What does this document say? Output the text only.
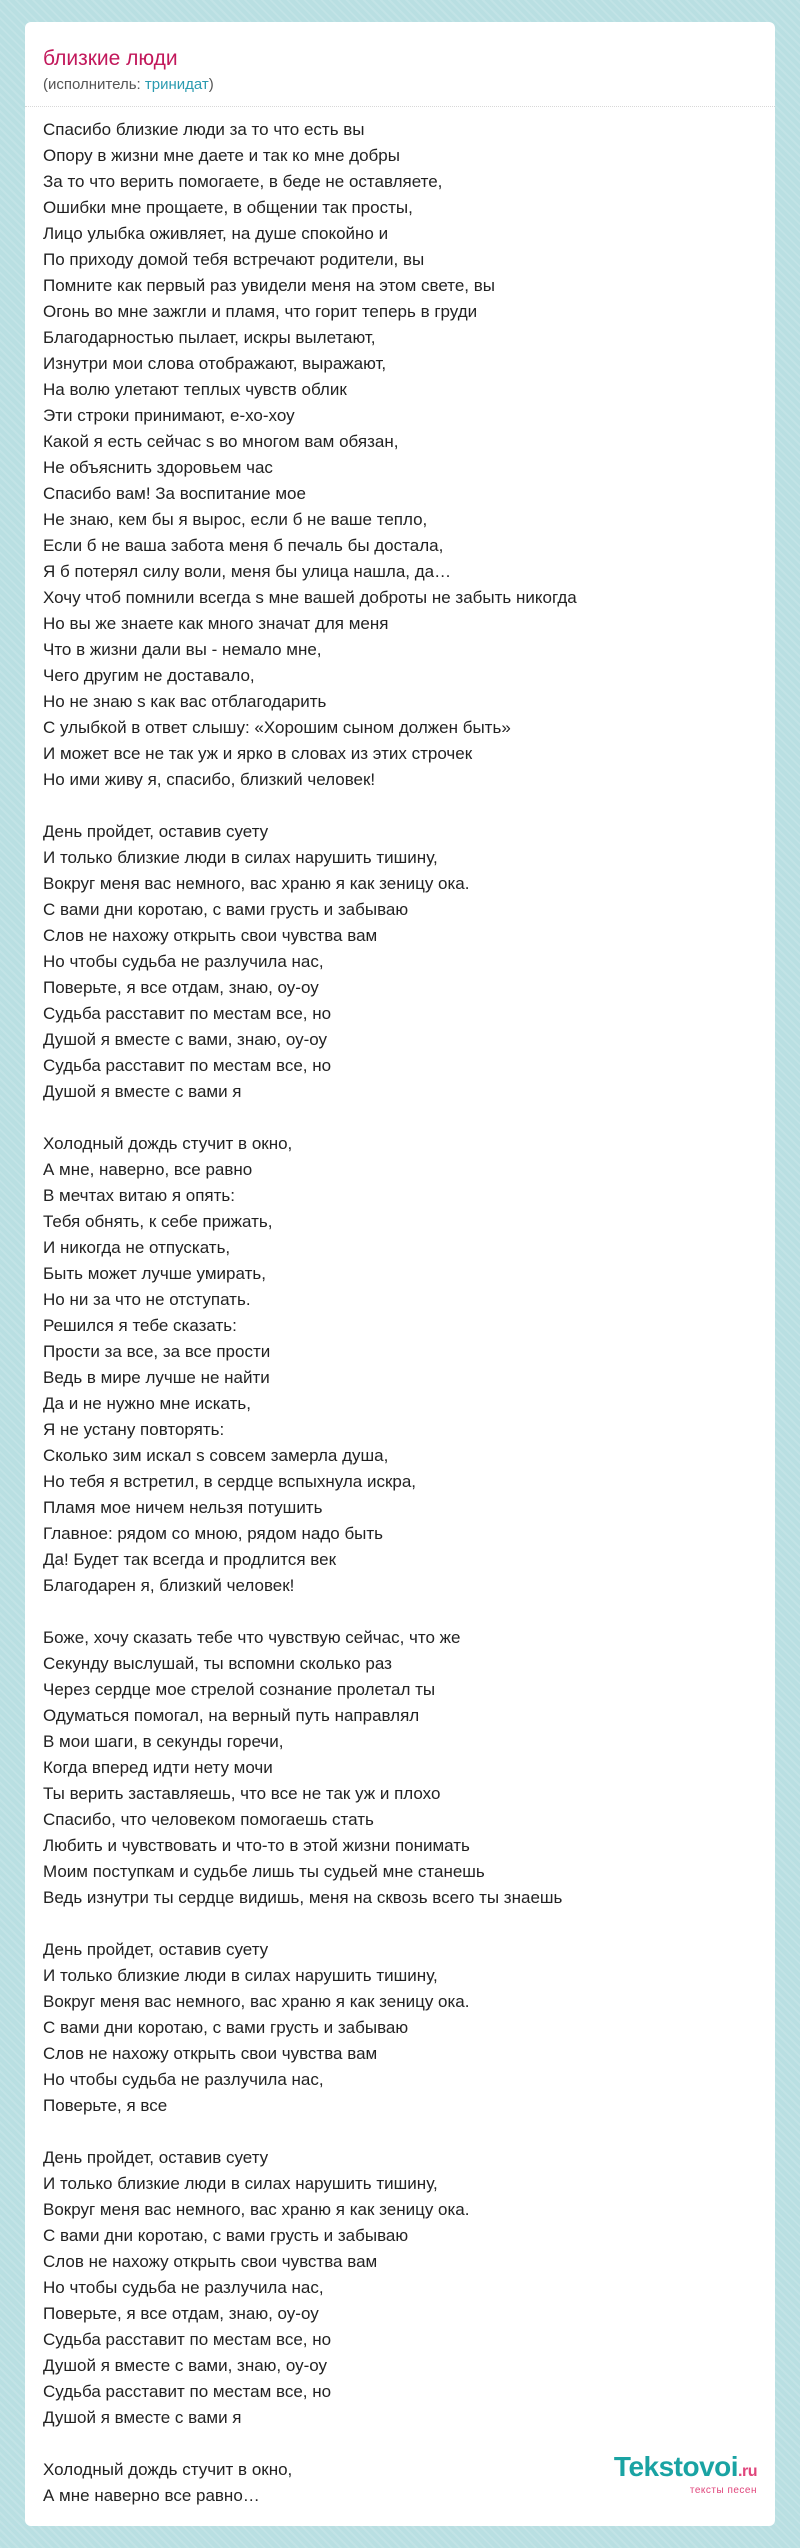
близкие люди
(исполнитель: тринидат)
Спасибо близкие люди за то что есть вы
Опору в жизни мне даете и так ко мне добры
За то что верить помогаете, в беде не оставляете,
Ошибки мне прощаете, в общении так просты,
Лицо улыбка оживляет, на душе спокойно и
По приходу домой тебя встречают родители, вы
Помните как первый раз увидели меня на этом свете, вы
Огонь во мне зажгли и пламя, что горит теперь в груди
Благодарностью пылает, искры вылетают,
Изнутри мои слова отображают, выражают,
На волю улетают теплых чувств облик
Эти строки принимают, е-хо-хоу
Какой я есть сейчас s во многом вам обязан,
Не объяснить здоровьем час
Спасибо вам! За воспитание мое
Не знаю, кем бы я вырос, если б не ваше тепло,
Если б не ваша забота меня б печаль бы достала,
Я б потерял силу воли, меня бы улица нашла, да…
Хочу чтоб помнили всегда s мне вашей доброты не забыть никогда
Но вы же знаете как много значат для меня
Что в жизни дали вы - немало мне,
Чего другим не доставало,
Но не знаю s как вас отблагодарить
С улыбкой в ответ слышу: «Хорошим сыном должен быть»
И может все не так уж и ярко в словах из этих строчек
Но ими живу я, спасибо, близкий человек!
День пройдет, оставив суету
И только близкие люди в силах нарушить тишину,
Вокруг меня вас немного, вас храню я как зеницу ока.
С вами дни коротаю, с вами грусть и забываю
Слов не нахожу открыть свои чувства вам
Но чтобы судьба не разлучила нас,
Поверьте, я все отдам, знаю, оу-оу
Судьба расставит по местам все, но
Душой я вместе с вами, знаю, оу-оу
Судьба расставит по местам все, но
Душой я вместе с вами я
Холодный дождь стучит в окно,
А мне, наверно, все равно
В мечтах витаю я опять:
Тебя обнять, к себе прижать,
И никогда не отпускать,
Быть может лучше умирать,
Но ни за что не отступать.
Решился я тебе сказать:
Прости за все, за все прости
Ведь в мире лучше не найти
Да и не нужно мне искать,
Я не устану повторять:
Сколько зим искал s совсем замерла душа,
Но тебя я встретил, в сердце вспыхнула искра,
Пламя мое ничем нельзя потушить
Главное: рядом со мною, рядом надо быть
Да! Будет так всегда и продлится век
Благодарен я, близкий человек!
Боже, хочу сказать тебе что чувствую сейчас, что же
Секунду выслушай, ты вспомни сколько раз
Через сердце мое стрелой сознание пролетал ты
Одуматься помогал, на верный путь направлял
В мои шаги, в секунды горечи,
Когда вперед идти нету мочи
Ты верить заставляешь, что все не так уж и плохо
Спасибо, что человеком помогаешь стать
Любить и чувствовать и что-то в этой жизни понимать
Моим поступкам и судьбе лишь ты судьей мне станешь
Ведь изнутри ты сердце видишь, меня на сквозь всего ты знаешь
День пройдет, оставив суету
И только близкие люди в силах нарушить тишину,
Вокруг меня вас немного, вас храню я как зеницу ока.
С вами дни коротаю, с вами грусть и забываю
Слов не нахожу открыть свои чувства вам
Но чтобы судьба не разлучила нас,
Поверьте, я все
День пройдет, оставив суету
И только близкие люди в силах нарушить тишину,
Вокруг меня вас немного, вас храню я как зеницу ока.
С вами дни коротаю, с вами грусть и забываю
Слов не нахожу открыть свои чувства вам
Но чтобы судьба не разлучила нас,
Поверьте, я все отдам, знаю, оу-оу
Судьба расставит по местам все, но
Душой я вместе с вами, знаю, оу-оу
Судьба расставит по местам все, но
Душой я вместе с вами я
Холодный дождь стучит в окно,
А мне наверно все равно…
Tekstovoi.ru
тексты песен
